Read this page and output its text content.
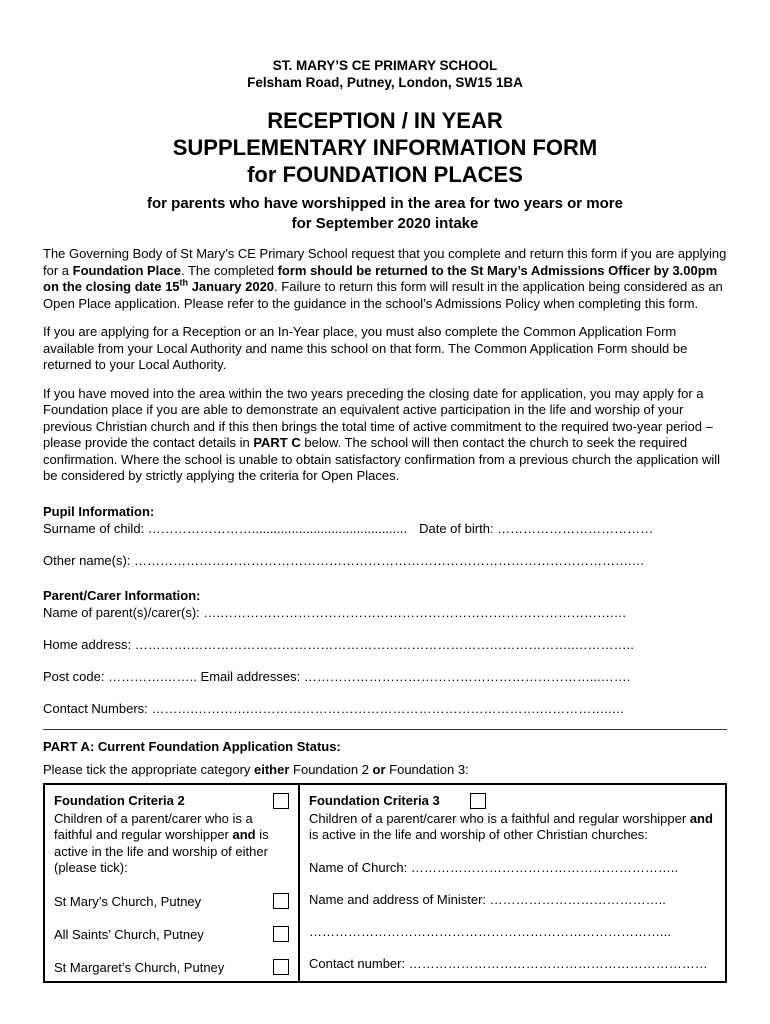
ST. MARY’S CE PRIMARY SCHOOL
Felsham Road, Putney, London, SW15 1BA
RECEPTION / IN YEAR
SUPPLEMENTARY INFORMATION FORM
for FOUNDATION PLACES
for parents who have worshipped in the area for two years or more
for September 2020 intake

The Governing Body of St Mary’s CE Primary School request that you complete and return this form if you are applying for a Foundation Place. The completed form should be returned to the St Mary’s Admissions Officer by 3.00pm on the closing date 15th January 2020. Failure to return this form will result in the application being considered as an Open Place application. Please refer to the guidance in the school’s Admissions Policy when completing this form.

If you are applying for a Reception or an In-Year place, you must also complete the Common Application Form available from your Local Authority and name this school on that form. The Common Application Form should be returned to your Local Authority.

If you have moved into the area within the two years preceding the closing date for application, you may apply for a Foundation place if you are able to demonstrate an equivalent active participation in the life and worship of your previous Christian church and if this then brings the total time of active commitment to the required two-year period – please provide the contact details in PART C below. The school will then contact the church to seek the required confirmation. Where the school is unable to obtain satisfactory confirmation from a previous church the application will be considered by strictly applying the criteria for Open Places.

Pupil Information:

Surname of child: ……………………........................................... Date of birth: ………………………………

Other name(s): …………………………………………………………………………………………………….…

Parent/Carer Information:

Name of parent(s)/carer(s): ….……………………………………………………………………………….…

Home address: ………….……………………………………………………………………………..…………..

Post code: ………….…….. Email addresses: …………………………………………………………...…….

Contact Numbers: ……….………….………………………………………………………….……………..…

PART A: Current Foundation Application Status:

Please tick the appropriate category either Foundation 2 or Foundation 3:

Foundation Criteria 2

Children of a parent/carer who is a faithful and regular worshipper and is active in the life and worship of either (please tick):

St Mary’s Church, Putney
All Saints’ Church, Putney
St Margaret’s Church, Putney
Foundation Criteria 3

Children of a parent/carer who is a faithful and regular worshipper and is active in the life and worship of other Christian churches:

Name of Church: ……………………………………………………..

Name and address of Minister: …………………………………..

………………………………………………………………………...

Contact number: ……………………………………………………………
